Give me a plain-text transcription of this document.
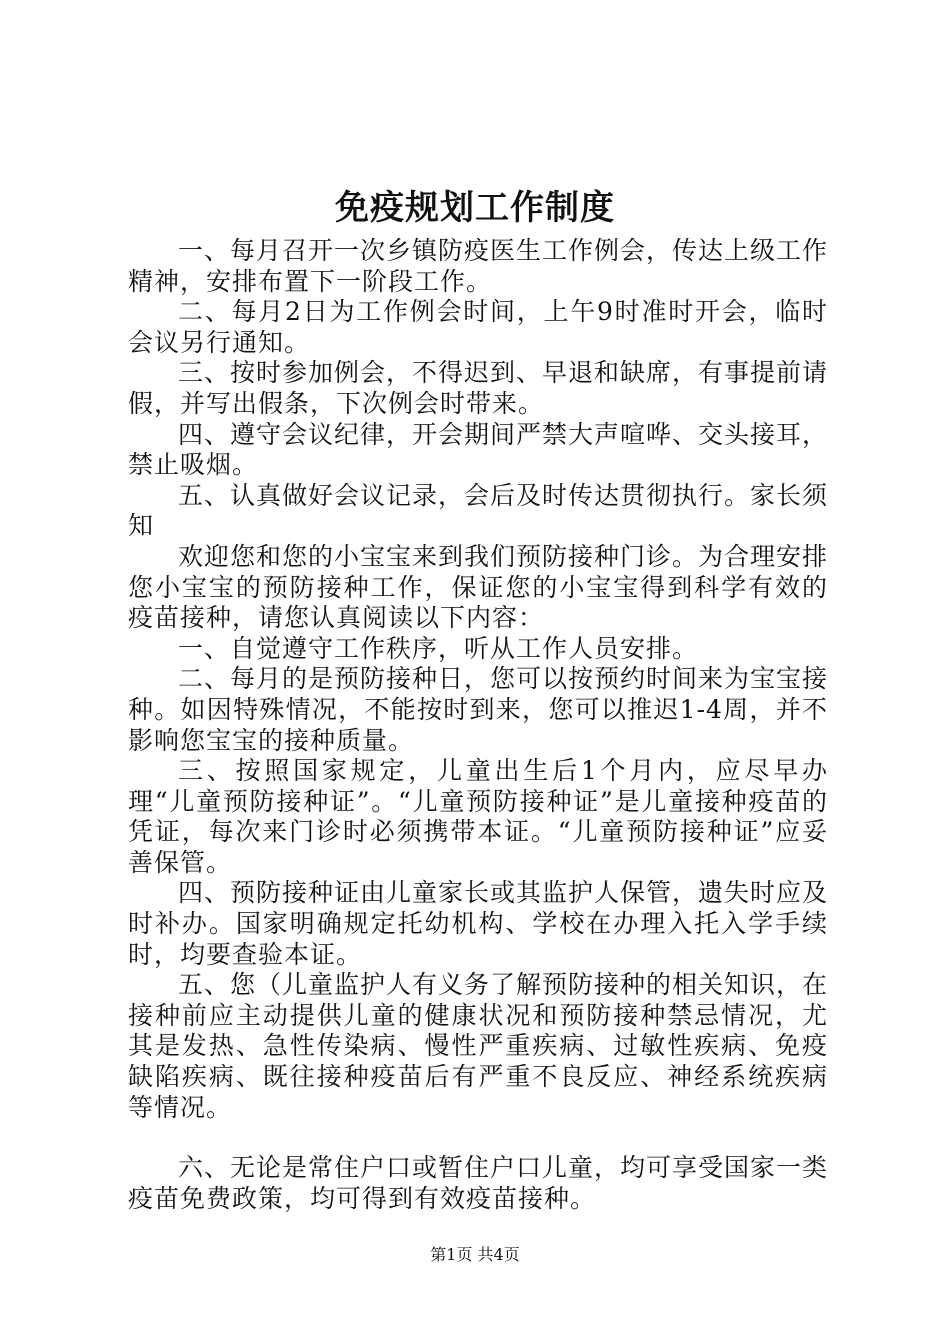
免疫规划工作制度

一、每月召开一次乡镇防疫医生工作例会，传达上级工作精神，安排布置下一阶段工作。

二、每月2日为工作例会时间，上午9时准时开会，临时会议另行通知。

三、按时参加例会，不得迟到、早退和缺席，有事提前请假，并写出假条，下次例会时带来。

四、遵守会议纪律，开会期间严禁大声喧哗、交头接耳，禁止吸烟。

五、认真做好会议记录，会后及时传达贯彻执行。家长须知

欢迎您和您的小宝宝来到我们预防接种门诊。为合理安排您小宝宝的预防接种工作，保证您的小宝宝得到科学有效的疫苗接种，请您认真阅读以下内容：

一、自觉遵守工作秩序，听从工作人员安排。

二、每月的是预防接种日，您可以按预约时间来为宝宝接种。如因特殊情况，不能按时到来，您可以推迟1-4周，并不影响您宝宝的接种质量。

三、按照国家规定，儿童出生后1个月内，应尽早办理“儿童预防接种证”。“儿童预防接种证”是儿童接种疫苗的凭证，每次来门诊时必须携带本证。“儿童预防接种证”应妥善保管。

四、预防接种证由儿童家长或其监护人保管，遗失时应及时补办。国家明确规定托幼机构、学校在办理入托入学手续时，均要查验本证。

五、您（儿童监护人有义务了解预防接种的相关知识，在接种前应主动提供儿童的健康状况和预防接种禁忌情况，尤其是发热、急性传染病、慢性严重疾病、过敏性疾病、免疫缺陷疾病、既往接种疫苗后有严重不良反应、神经系统疾病等情况。

六、无论是常住户口或暂住户口儿童，均可享受国家一类疫苗免费政策，均可得到有效疫苗接种。

第1页 共4页
